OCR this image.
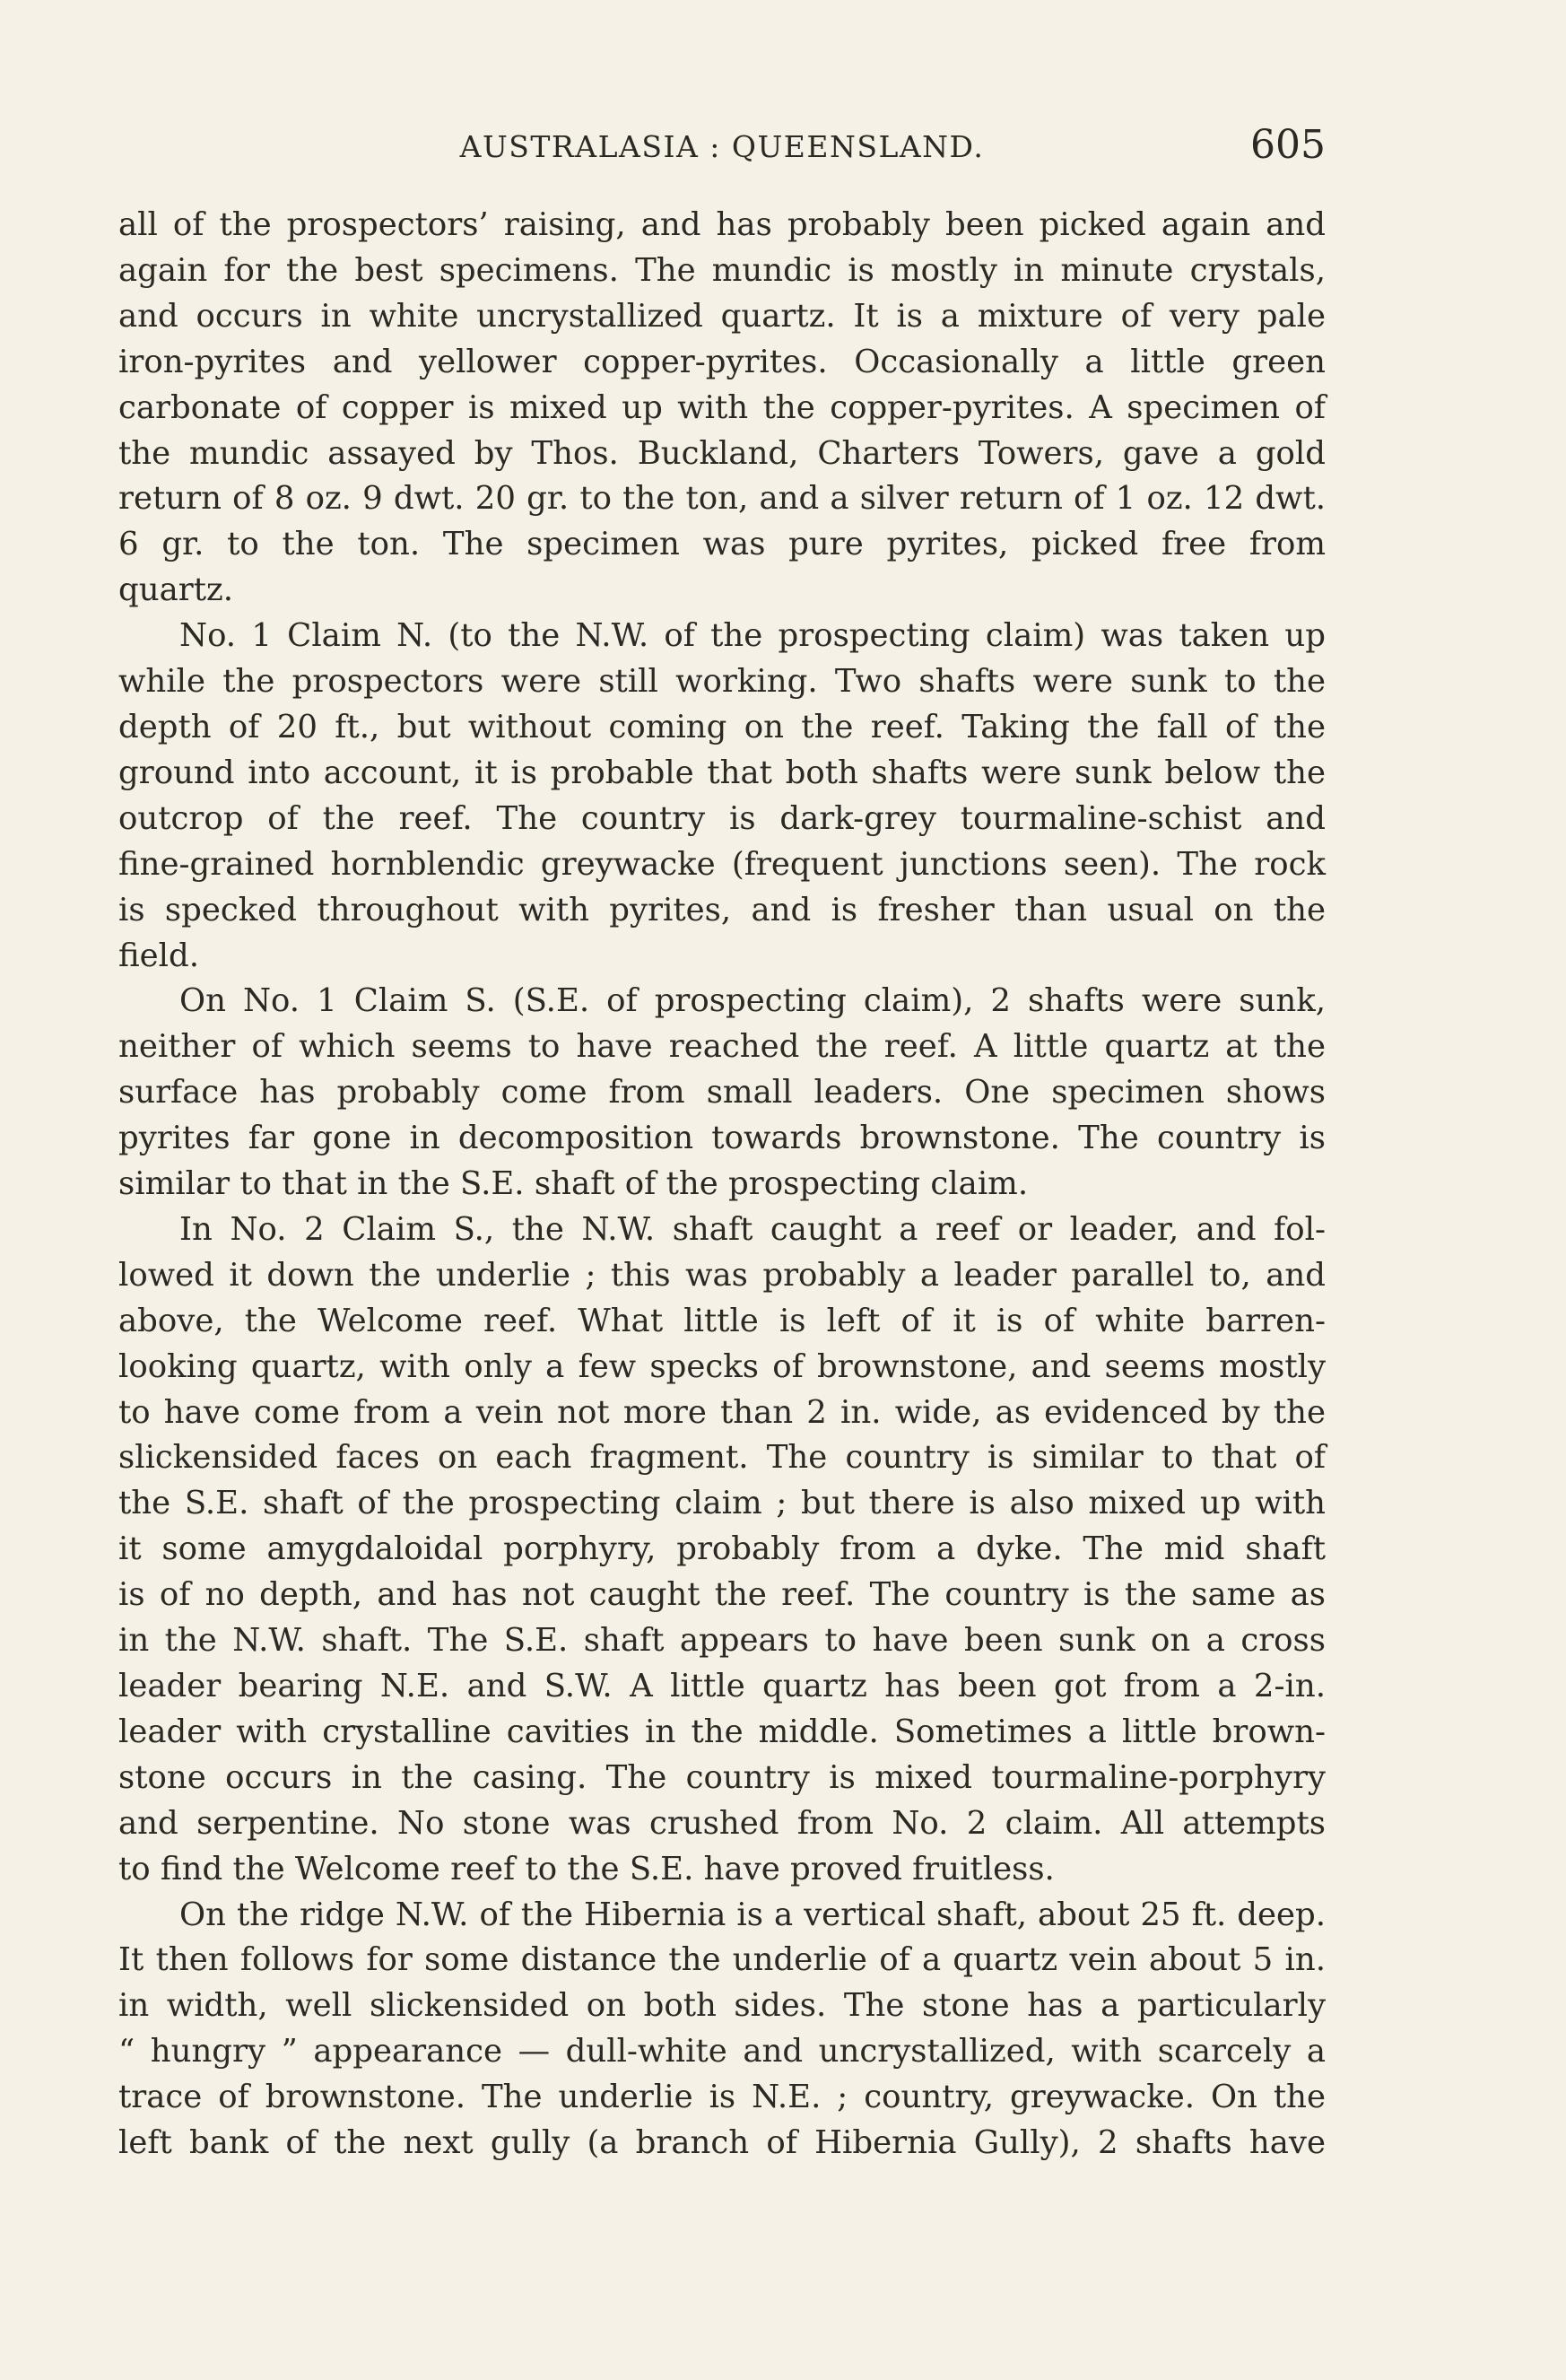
AUSTRALASIA : QUEENSLAND.	605
all of the prospectors’ raising, and has probably been picked again and
again for the best specimens. The mundic is mostly in minute crystals,
and occurs in white uncrystallized quartz. It is a mixture of very pale
iron-pyrites and yellower copper-pyrites. Occasionally a little green
carbonate of copper is mixed up with the copper-pyrites. A specimen of
the mundic assayed by Thos. Buckland, Charters Towers, gave a gold
return of 8 oz. 9 dwt. 20 gr. to the ton, and a silver return of 1 oz. 12 dwt.
6 gr. to the ton. The specimen was pure pyrites, picked free from
quartz.
No. 1 Claim N. (to the N.W. of the prospecting claim) was taken up
while the prospectors were still working. Two shafts were sunk to the
depth of 20 ft., but without coming on the reef. Taking the fall of the
ground into account, it is probable that both shafts were sunk below the
outcrop of the reef. The country is dark-grey tourmaline-schist and
fine-grained hornblendic greywacke (frequent junctions seen). The rock
is specked throughout with pyrites, and is fresher than usual on the
field.
On No. 1 Claim S. (S.E. of prospecting claim), 2 shafts were sunk,
neither of which seems to have reached the reef. A little quartz at the
surface has probably come from small leaders. One specimen shows
pyrites far gone in decomposition towards brownstone. The country is
similar to that in the S.E. shaft of the prospecting claim.
In No. 2 Claim S., the N.W. shaft caught a reef or leader, and fol-
lowed it down the underlie ; this was probably a leader parallel to, and
above, the Welcome reef. What little is left of it is of white barren-
looking quartz, with only a few specks of brownstone, and seems mostly
to have come from a vein not more than 2 in. wide, as evidenced by the
slickensided faces on each fragment. The country is similar to that of
the S.E. shaft of the prospecting claim ; but there is also mixed up with
it some amygdaloidal porphyry, probably from a dyke. The mid shaft
is of no depth, and has not caught the reef. The country is the same as
in the N.W. shaft. The S.E. shaft appears to have been sunk on a cross
leader bearing N.E. and S.W. A little quartz has been got from a 2-in.
leader with crystalline cavities in the middle. Sometimes a little brown-
stone occurs in the casing. The country is mixed tourmaline-porphyry
and serpentine. No stone was crushed from No. 2 claim. All attempts
to find the Welcome reef to the S.E. have proved fruitless.
On the ridge N.W. of the Hibernia is a vertical shaft, about 25 ft. deep.
It then follows for some distance the underlie of a quartz vein about 5 in.
in width, well slickensided on both sides. The stone has a particularly
“ hungry ” appearance — dull-white and uncrystallized, with scarcely a
trace of brownstone. The underlie is N.E. ; country, greywacke. On the
left bank of the next gully (a branch of Hibernia Gully), 2 shafts have
